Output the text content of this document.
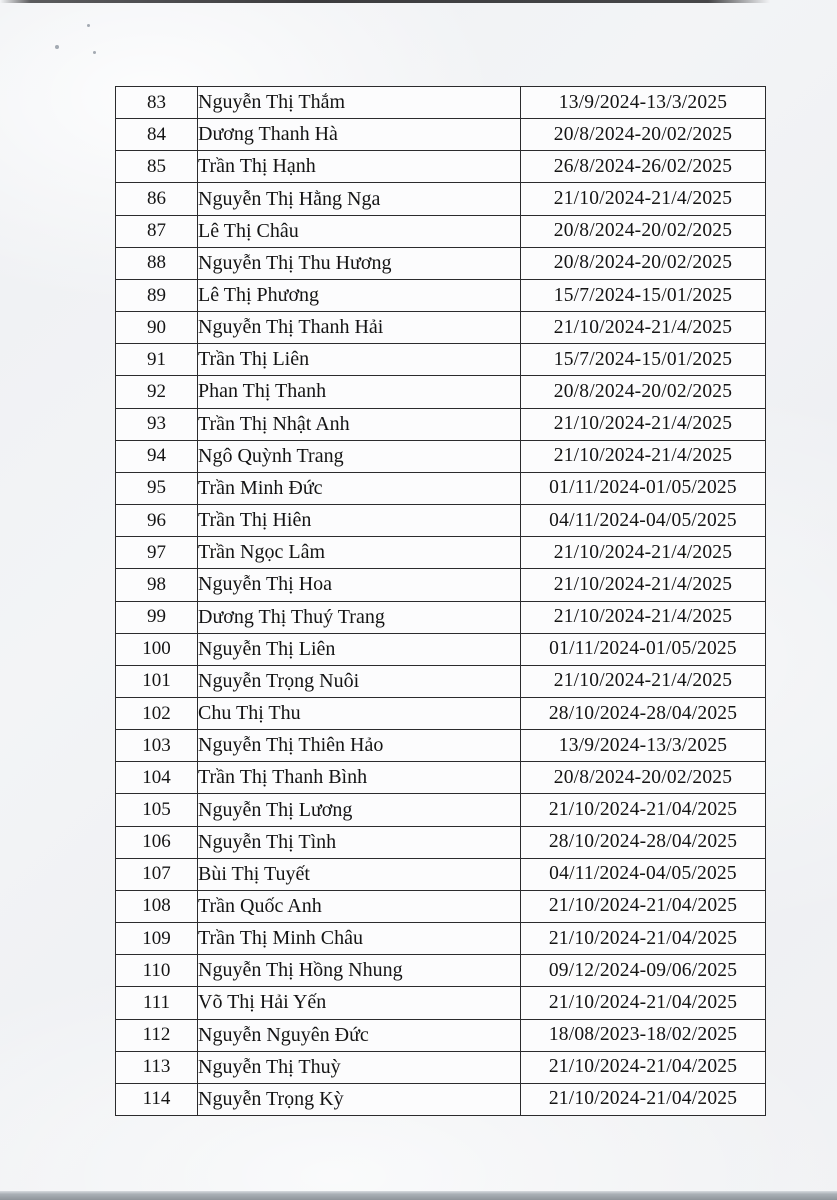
83	Nguyễn Thị Thắm	13/9/2024-13/3/2025
84	Dương Thanh Hà	20/8/2024-20/02/2025
85	Trần Thị Hạnh	26/8/2024-26/02/2025
86	Nguyễn Thị Hằng Nga	21/10/2024-21/4/2025
87	Lê Thị Châu	20/8/2024-20/02/2025
88	Nguyễn Thị Thu Hương	20/8/2024-20/02/2025
89	Lê Thị Phương	15/7/2024-15/01/2025
90	Nguyễn Thị Thanh Hải	21/10/2024-21/4/2025
91	Trần Thị Liên	15/7/2024-15/01/2025
92	Phan Thị Thanh	20/8/2024-20/02/2025
93	Trần Thị Nhật Anh	21/10/2024-21/4/2025
94	Ngô Quỳnh Trang	21/10/2024-21/4/2025
95	Trần Minh Đức	01/11/2024-01/05/2025
96	Trần Thị Hiên	04/11/2024-04/05/2025
97	Trần Ngọc Lâm	21/10/2024-21/4/2025
98	Nguyễn Thị Hoa	21/10/2024-21/4/2025
99	Dương Thị Thuý Trang	21/10/2024-21/4/2025
100	Nguyễn Thị Liên	01/11/2024-01/05/2025
101	Nguyễn Trọng Nuôi	21/10/2024-21/4/2025
102	Chu Thị Thu	28/10/2024-28/04/2025
103	Nguyễn Thị Thiên Hảo	13/9/2024-13/3/2025
104	Trần Thị Thanh Bình	20/8/2024-20/02/2025
105	Nguyễn Thị Lương	21/10/2024-21/04/2025
106	Nguyễn Thị Tình	28/10/2024-28/04/2025
107	Bùi Thị Tuyết	04/11/2024-04/05/2025
108	Trần Quốc Anh	21/10/2024-21/04/2025
109	Trần Thị Minh Châu	21/10/2024-21/04/2025
110	Nguyễn Thị Hồng Nhung	09/12/2024-09/06/2025
111	Võ Thị Hải Yến	21/10/2024-21/04/2025
112	Nguyễn Nguyên Đức	18/08/2023-18/02/2025
113	Nguyễn Thị Thuỳ	21/10/2024-21/04/2025
114	Nguyễn Trọng Kỳ	21/10/2024-21/04/2025
